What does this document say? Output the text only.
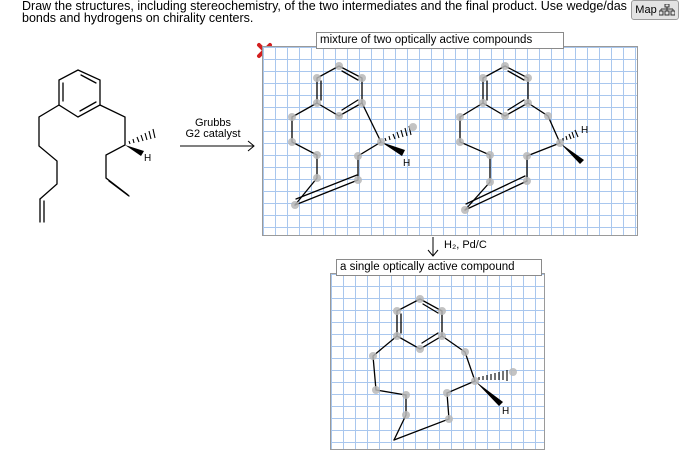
Draw the structures, including stereochemistry, of the two intermediates and the final product. Use wedge/das bonds and hydrogens on chirality centers.
Map
H
Grubbs
G2 catalyst
H
H
mixture of two optically active compounds
H₂, Pd/C
H
a single optically active compound
